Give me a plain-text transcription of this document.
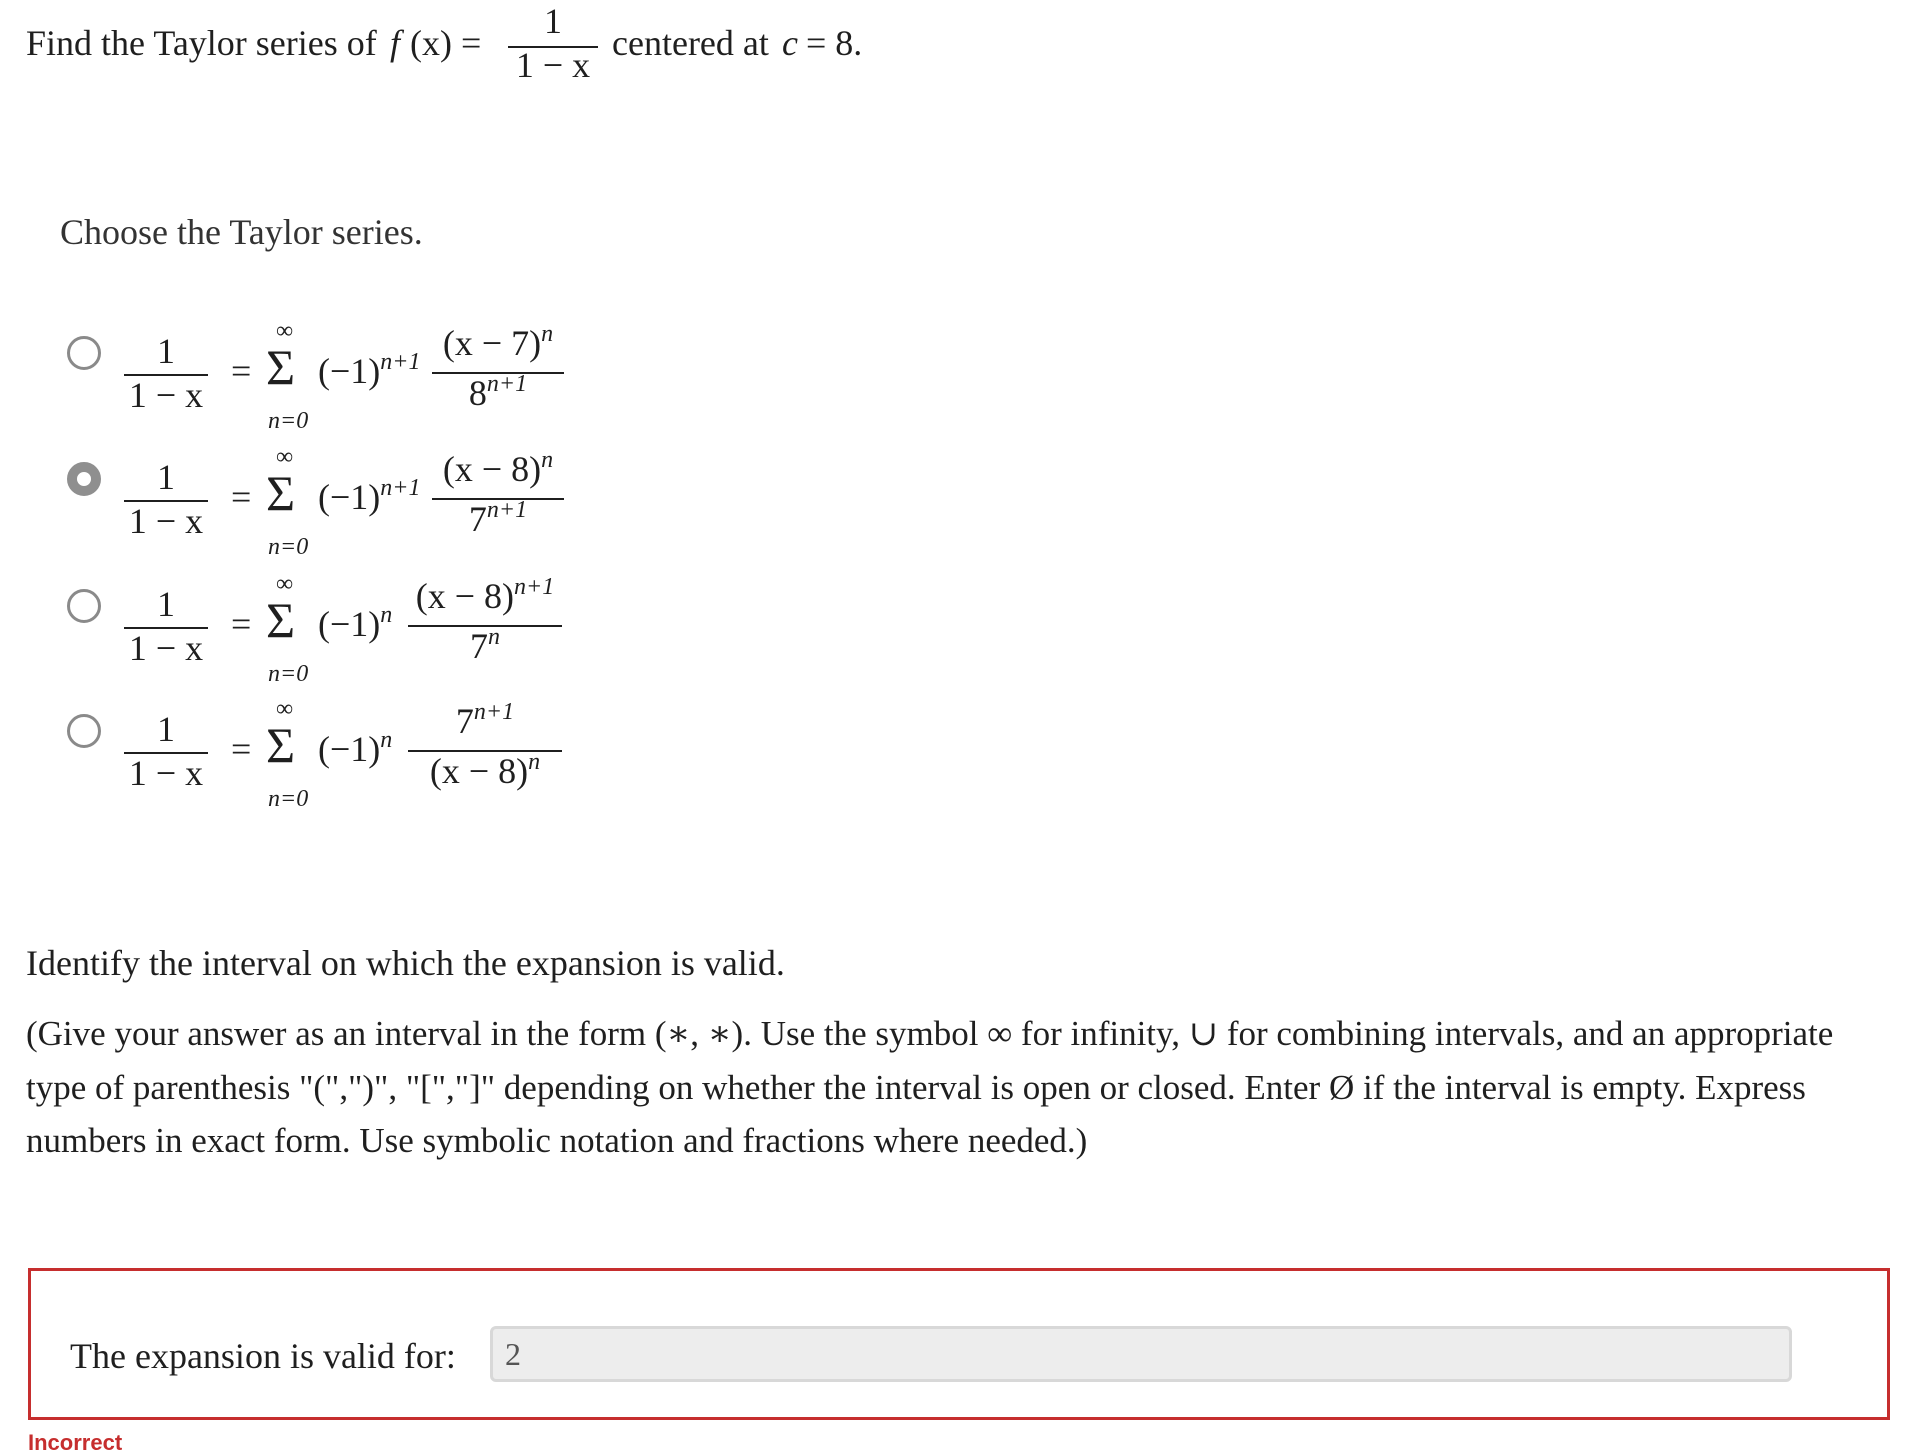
Find the Taylor series of f (x) =
1
1 − x
centered at c = 8.
Choose the Taylor series.
1
1 − x
=
∞
Σ
n=0
$(-1)^{n+1}$ $(x - 7)^n$
$8^{n+1}$
1
1 − x
=
∞
Σ
n=0
$(-1)^{n+1}$ $(x - 8)^n$
$7^{n+1}$
1
1 − x
=
∞
Σ
n=0
$(-1)^n$ $(x - 8)^{n+1}$
7$^n$
1
1 − x
=
∞
Σ
n=0
$(-1)^n$	$7^{n+1}$
$(x - 8)^n$
Identify the interval on which the expansion is valid.
(Give your answer as an interval in the form (∗, ∗). Use the symbol ∞ for infinity, ∪ for combining intervals, and an appropriate
type of parenthesis "(",")", "[","]" depending on whether the interval is open or closed. Enter Ø if the interval is empty. Express
numbers in exact form. Use symbolic notation and fractions where needed.)
The expansion is valid for:	2
Incorrect
